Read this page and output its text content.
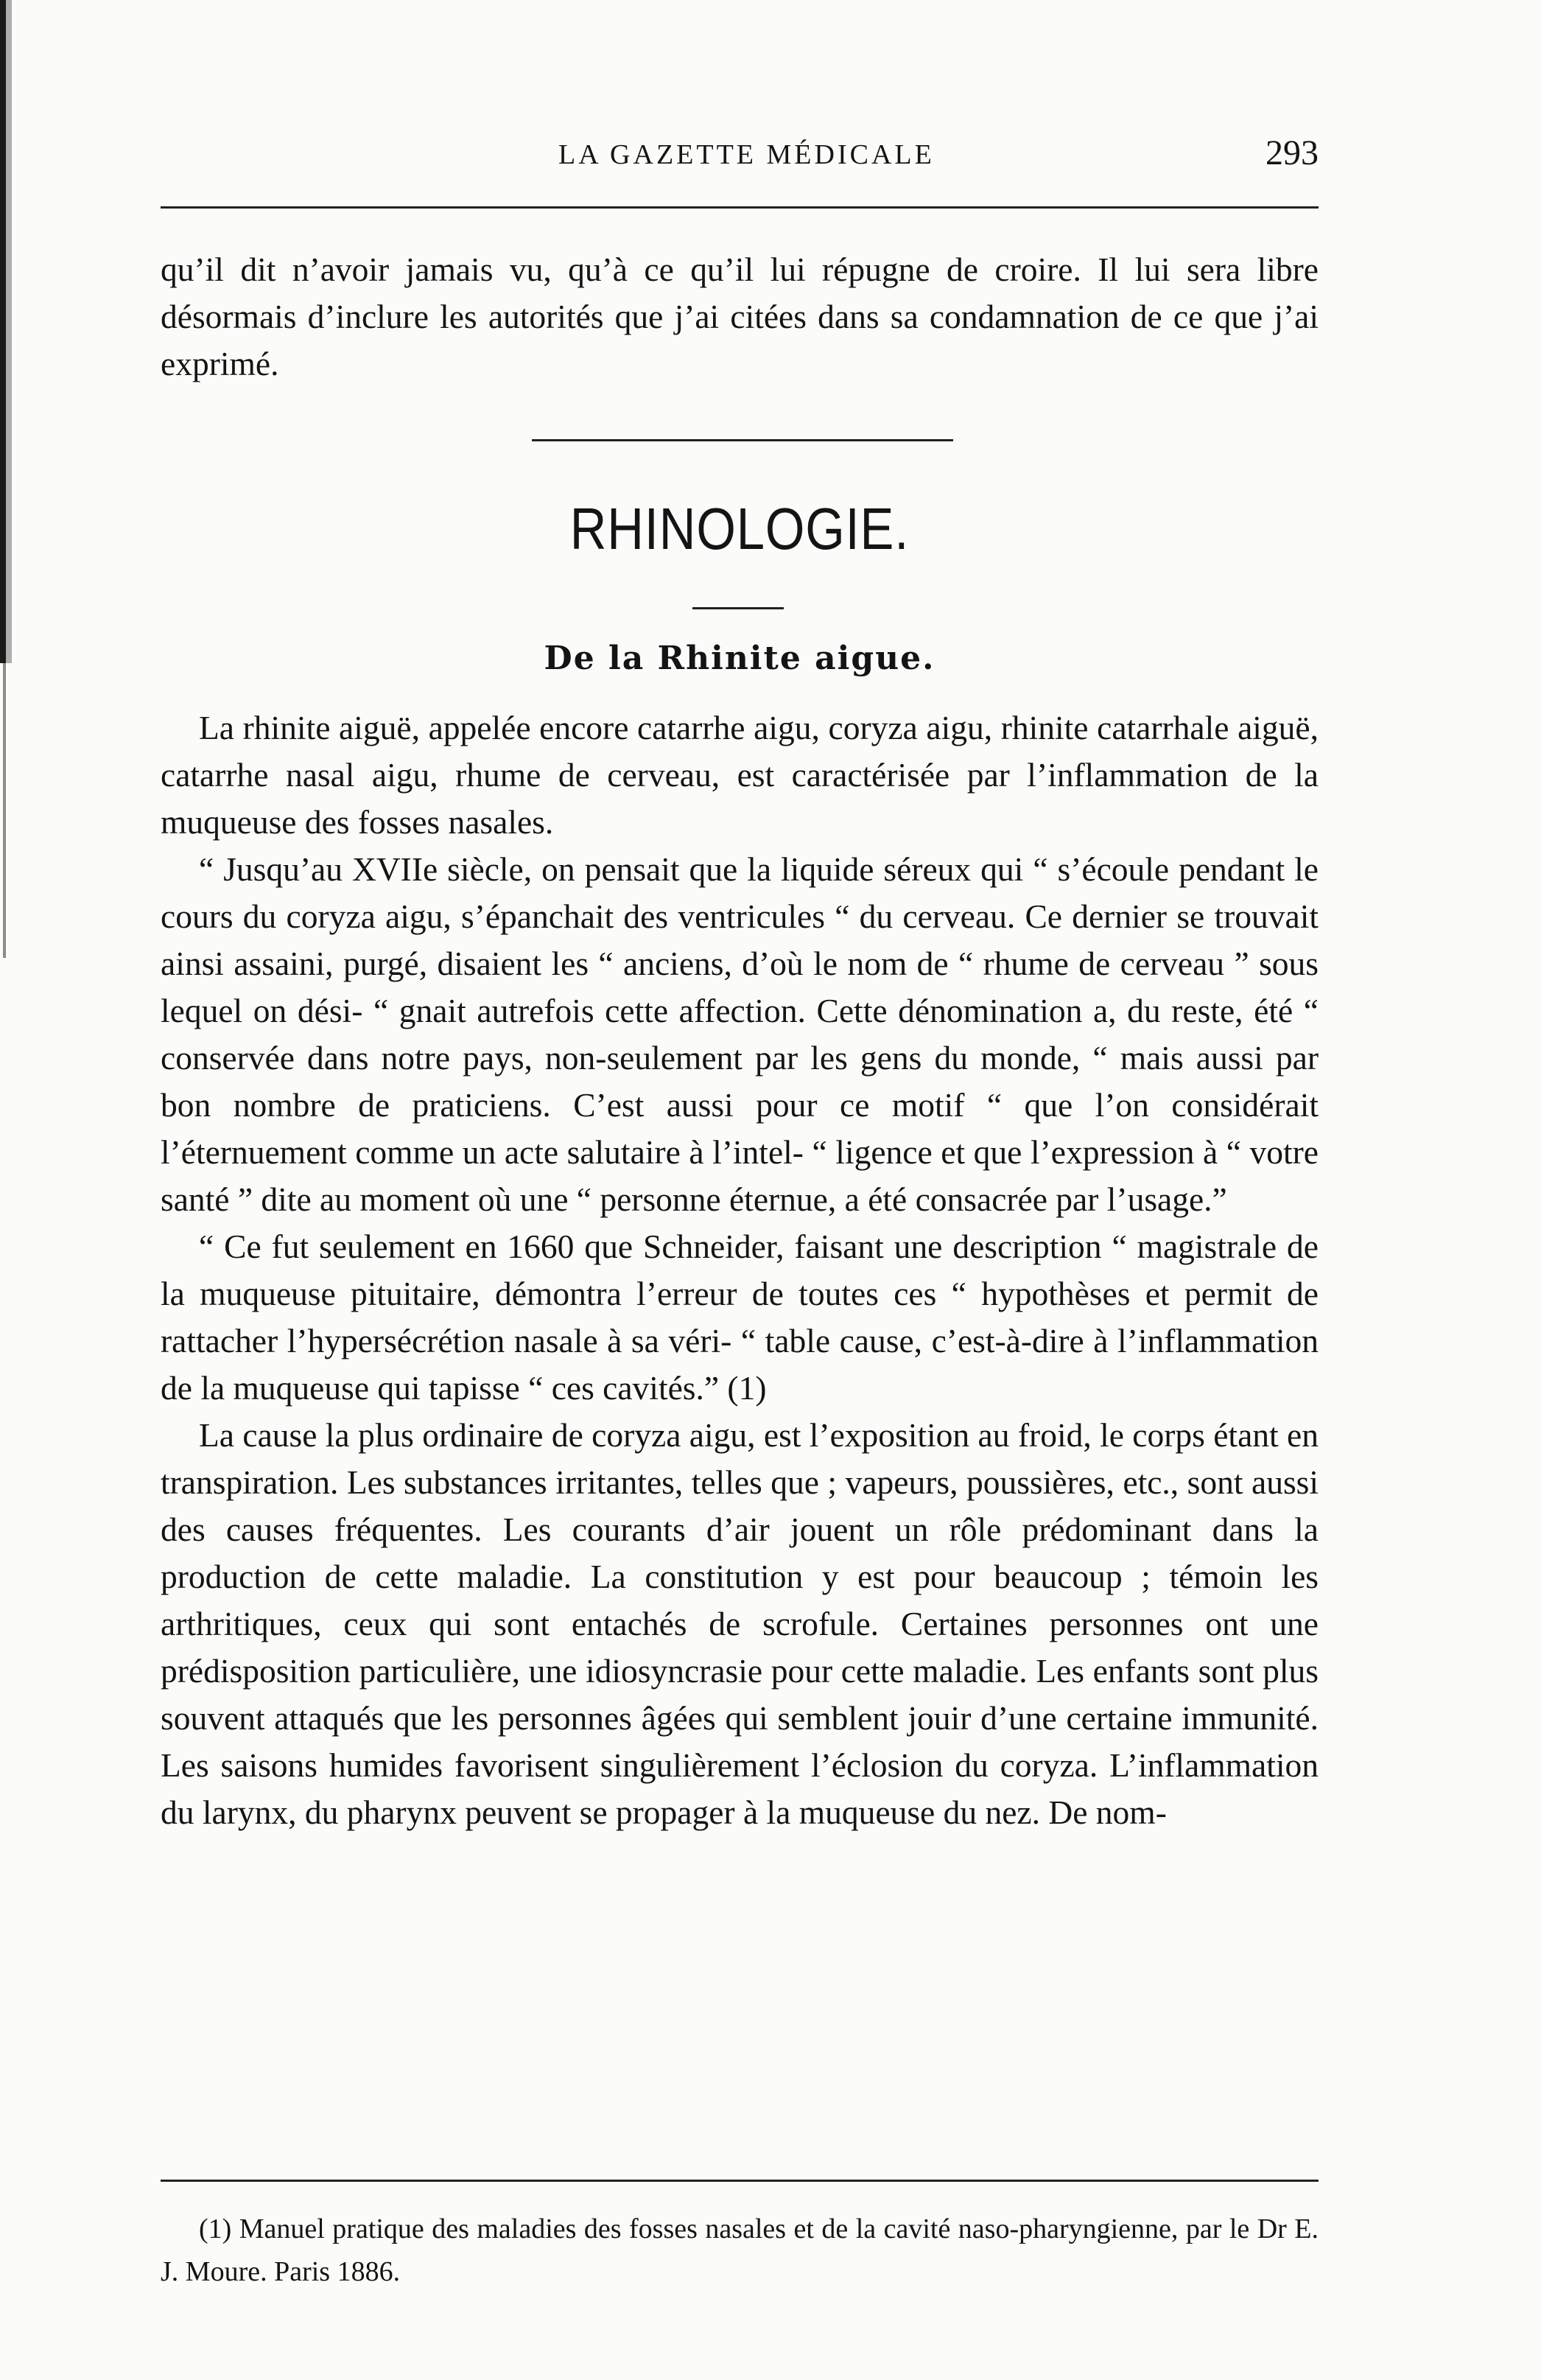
LA GAZETTE MÉDICALE	293

qu’il dit n’avoir jamais vu, qu’à ce qu’il lui répugne de croire. Il lui sera libre désormais d’inclure les autorités que j’ai citées dans sa condamnation de ce que j’ai exprimé.

RHINOLOGIE.
De la Rhinite aigue.

La rhinite aiguë, appelée encore catarrhe aigu, coryza aigu, rhinite catarrhale aiguë, catarrhe nasal aigu, rhume de cerveau, est caractérisée par l’inflammation de la muqueuse des fosses nasales.

“ Jusqu’au XVIIe siècle, on pensait que la liquide séreux qui “ s’écoule pendant le cours du coryza aigu, s’épanchait des ventricules “ du cerveau. Ce dernier se trouvait ainsi assaini, purgé, disaient les “ anciens, d’où le nom de “ rhume de cerveau ” sous lequel on dési- “ gnait autrefois cette affection. Cette dénomination a, du reste, été “ conservée dans notre pays, non-seulement par les gens du monde, “ mais aussi par bon nombre de praticiens. C’est aussi pour ce motif “ que l’on considérait l’éternuement comme un acte salutaire à l’intel- “ ligence et que l’expression à “ votre santé ” dite au moment où une “ personne éternue, a été consacrée par l’usage.”

“ Ce fut seulement en 1660 que Schneider, faisant une description “ magistrale de la muqueuse pituitaire, démontra l’erreur de toutes ces “ hypothèses et permit de rattacher l’hypersécrétion nasale à sa véri- “ table cause, c’est-à-dire à l’inflammation de la muqueuse qui tapisse “ ces cavités.” (1)

La cause la plus ordinaire de coryza aigu, est l’exposition au froid, le corps étant en transpiration. Les substances irritantes, telles que ; vapeurs, poussières, etc., sont aussi des causes fréquentes. Les courants d’air jouent un rôle prédominant dans la production de cette maladie. La constitution y est pour beaucoup ; témoin les arthritiques, ceux qui sont entachés de scrofule. Certaines personnes ont une prédisposition particulière, une idiosyncrasie pour cette maladie. Les enfants sont plus souvent attaqués que les personnes âgées qui semblent jouir d’une certaine immunité. Les saisons humides favorisent singulièrement l’éclosion du coryza. L’inflammation du larynx, du pharynx peuvent se propager à la muqueuse du nez. De nom-

(1) Manuel pratique des maladies des fosses nasales et de la cavité naso-pharyngienne, par le Dr E. J. Moure. Paris 1886.
